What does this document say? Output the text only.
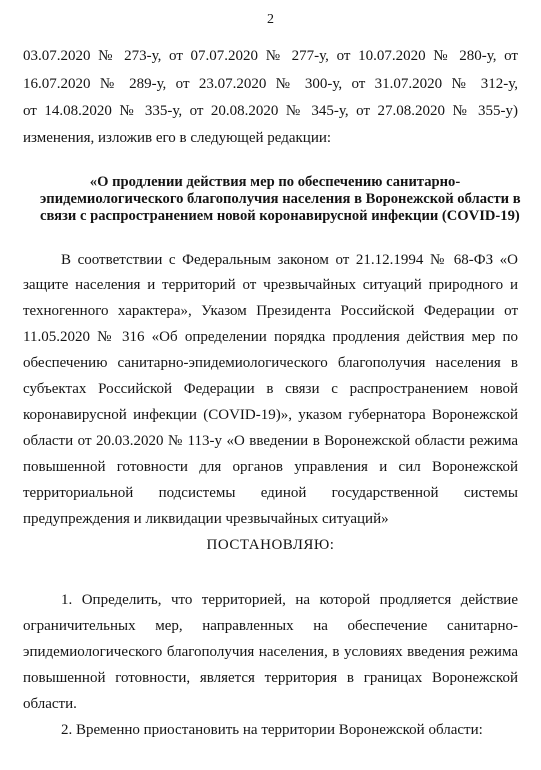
2
03.07.2020 № 273-у, от 07.07.2020 № 277-у, от 10.07.2020 № 280-у, от
16.07.2020 № 289-у, от 23.07.2020 № 300-у, от 31.07.2020 № 312-у,
от 14.08.2020 № 335-у, от 20.08.2020 № 345-у, от 27.08.2020 № 355-у)
изменения, изложив его в следующей редакции:
«О продлении действия мер по обеспечению санитарно-
эпидемиологического благополучия населения в Воронежской области в
связи с распространением новой коронавирусной инфекции (COVID-19)
В соответствии с Федеральным законом от 21.12.1994 № 68-ФЗ «О
защите населения и территорий от чрезвычайных ситуаций природного и
техногенного характера», Указом Президента Российской Федерации от
11.05.2020 № 316 «Об определении порядка продления действия мер по
обеспечению санитарно-эпидемиологического благополучия населения в
субъектах Российской Федерации в связи с распространением новой
коронавирусной инфекции (COVID-19)», указом губернатора Воронежской
области от 20.03.2020 № 113-у «О введении в Воронежской области режима
повышенной готовности для органов управления и сил Воронежской
территориальной подсистемы единой государственной системы
предупреждения и ликвидации чрезвычайных ситуаций»
ПОСТАНОВЛЯЮ:
1. Определить, что территорией, на которой продляется действие
ограничительных мер, направленных на обеспечение санитарно-
эпидемиологического благополучия населения, в условиях введения режима
повышенной готовности, является территория в границах Воронежской
области.
2. Временно приостановить на территории Воронежской области:
